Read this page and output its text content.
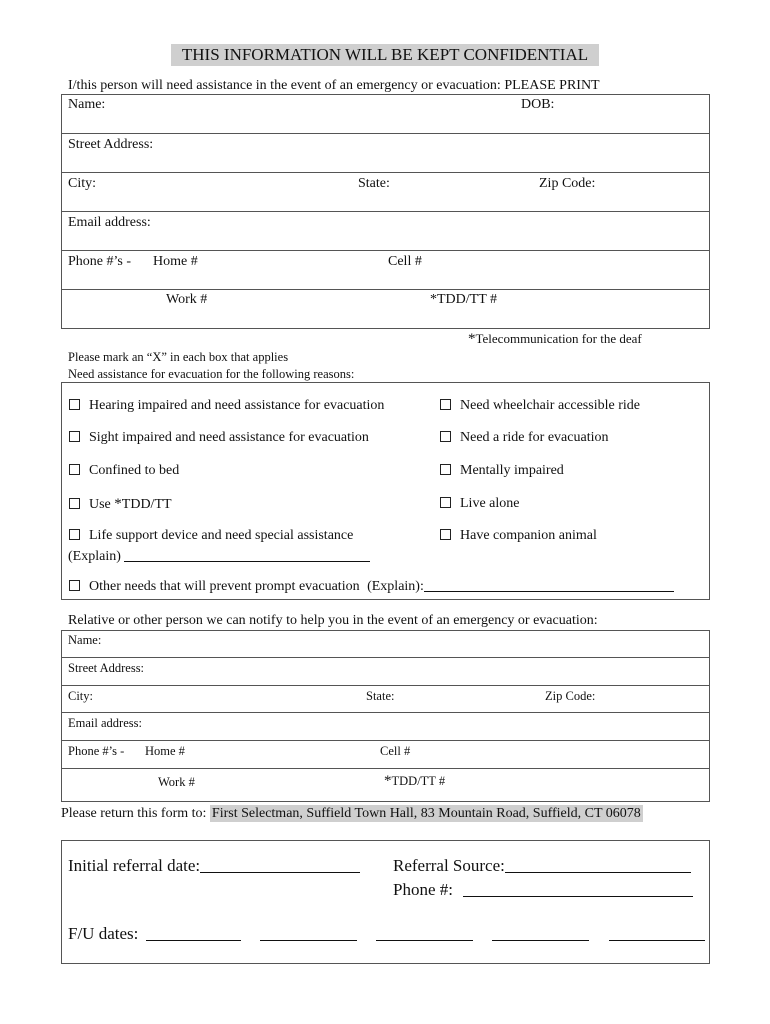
THIS INFORMATION WILL BE KEPT CONFIDENTIAL
I/this person will need assistance in the event of an emergency or evacuation: PLEASE PRINT
Name:	DOB:
Street Address:
City:	State:	Zip Code:
Email address:
Phone #’s - Home #	Cell #
Work #	*TDD/TT #
*Telecommunication for the deaf
Please mark an “X” in each box that applies
Need assistance for evacuation for the following reasons:
Hearing impaired and need assistance for evacuation	Need wheelchair accessible ride
Sight impaired and need assistance for evacuation	Need a ride for evacuation
Confined to bed	Mentally impaired
Use *TDD/TT	Live alone
Life support device and need special assistance	Have companion animal
(Explain)
Other needs that will prevent prompt evacuation (Explain):
Relative or other person we can notify to help you in the event of an emergency or evacuation:
Name:
Street Address:
City:	State:	Zip Code:
Email address:
Phone #’s - Home #	Cell #
Work #	*TDD/TT #
Please return this form to: First Selectman, Suffield Town Hall, 83 Mountain Road, Suffield, CT 06078
Initial referral date:	Referral Source:
Phone #:
F/U dates:
